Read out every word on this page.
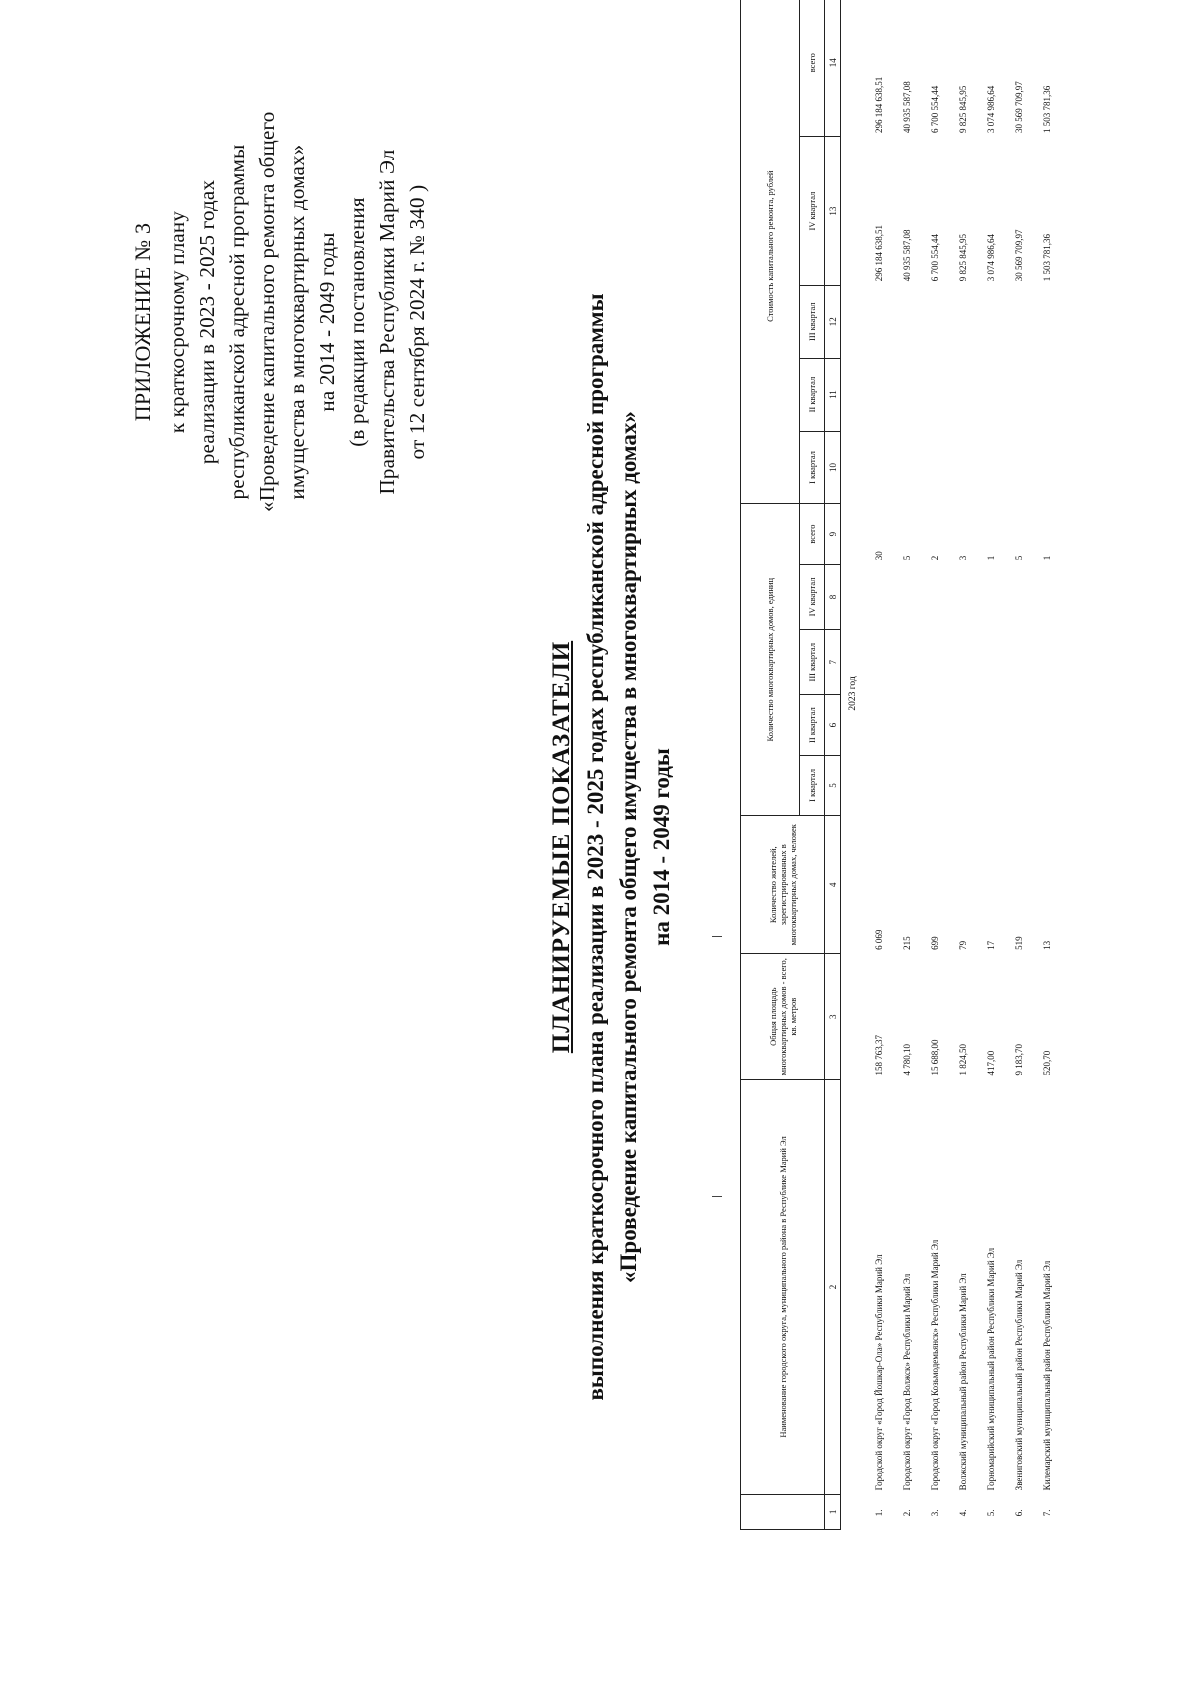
ПРИЛОЖЕНИЕ № 3 к краткосрочному плану реализации в 2023 - 2025 годах республиканской адресной программы «Проведение капитального ремонта общего имущества в многоквартирных домах» на 2014 - 2049 годы (в редакции постановления Правительства Республики Марий Эл от 12 сентября 2024 г. № 340 )
ПЛАНИРУЕМЫЕ ПОКАЗАТЕЛИ выполнения краткосрочного плана реализации в 2023 - 2025 годах республиканской адресной программы «Проведение капитального ремонта общего имущества в многоквартирных домах» на 2014 - 2049 годы
	Наименование городского округа, муниципального района в Республике Марий Эл	Общая площадь многоквартирных домов - всего, кв. метров	Количество жителей, зарегистрированных в многоквартирных домах, человек	Количество многоквартирных домов, единиц					Стоимость капитального ремонта, рублей				
				I квартал	II квартал	III квартал	IV квартал	всего	I квартал	II квартал	III квартал	IV квартал	всего
1	2	3	4	5	6	7	8	9	10	11	12	13	14
					2023 год								
1.	Городской округ «Город Йошкар-Ола» Республики Марий Эл	158 763,37	6 069					30				296 184 638,51	296 184 638,51
2.	Городской округ «Город Волжск» Республики Марий Эл	4 780,10	215					5				40 935 587,08	40 935 587,08
3.	Городской округ «Город Козьмодемьянск» Республики Марий Эл	15 688,00	699					2				6 700 554,44	6 700 554,44
4.	Волжский муниципальный район Республики Марий Эл	1 824,50	79					3				9 825 845,95	9 825 845,95
5.	Горномарийский муниципальный район Республики Марий Эл	417,00	17					1				3 074 986,64	3 074 986,64
6.	Звениговский муниципальный район Республики Марий Эл	9 183,70	519					5				30 569 709,97	30 569 709,97
7.	Килемарский муниципальный район Республики Марий Эл	520,70	13					1				1 503 781,36	1 503 781,36
